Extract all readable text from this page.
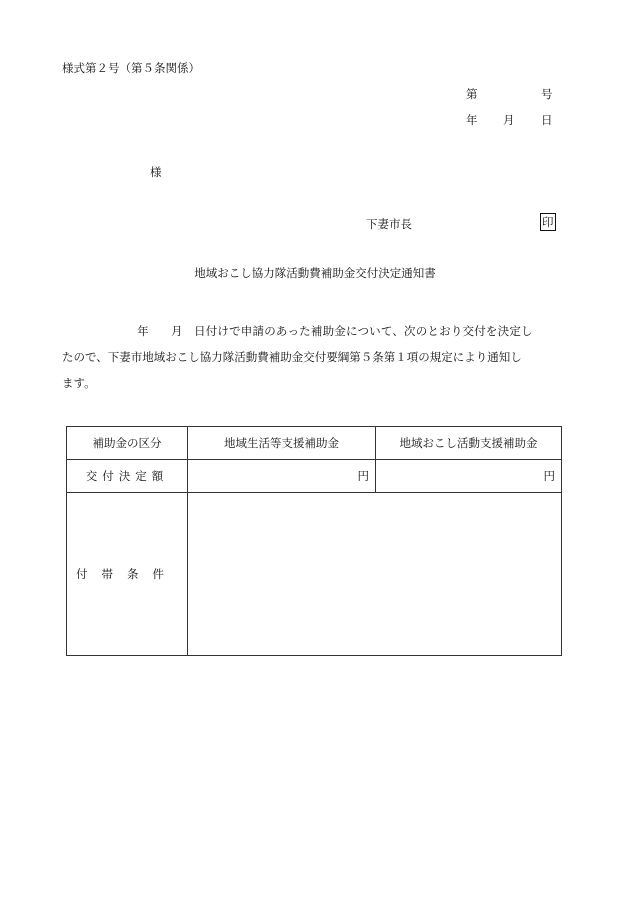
様式第２号（第５条関係）
第	号
年 月 日
様
下妻市長	印
地域おこし協力隊活動費補助金交付決定通知書
年 月 日付けで申請のあった補助金について、次のとおり交付を決定し
たので、下妻市地域おこし協力隊活動費補助金交付要綱第５条第１項の規定により通知し
ます。
補助金の区分	地域生活等支援補助金	地域おこし活動支援補助金
交付決定額	円	円
付帯条件		
